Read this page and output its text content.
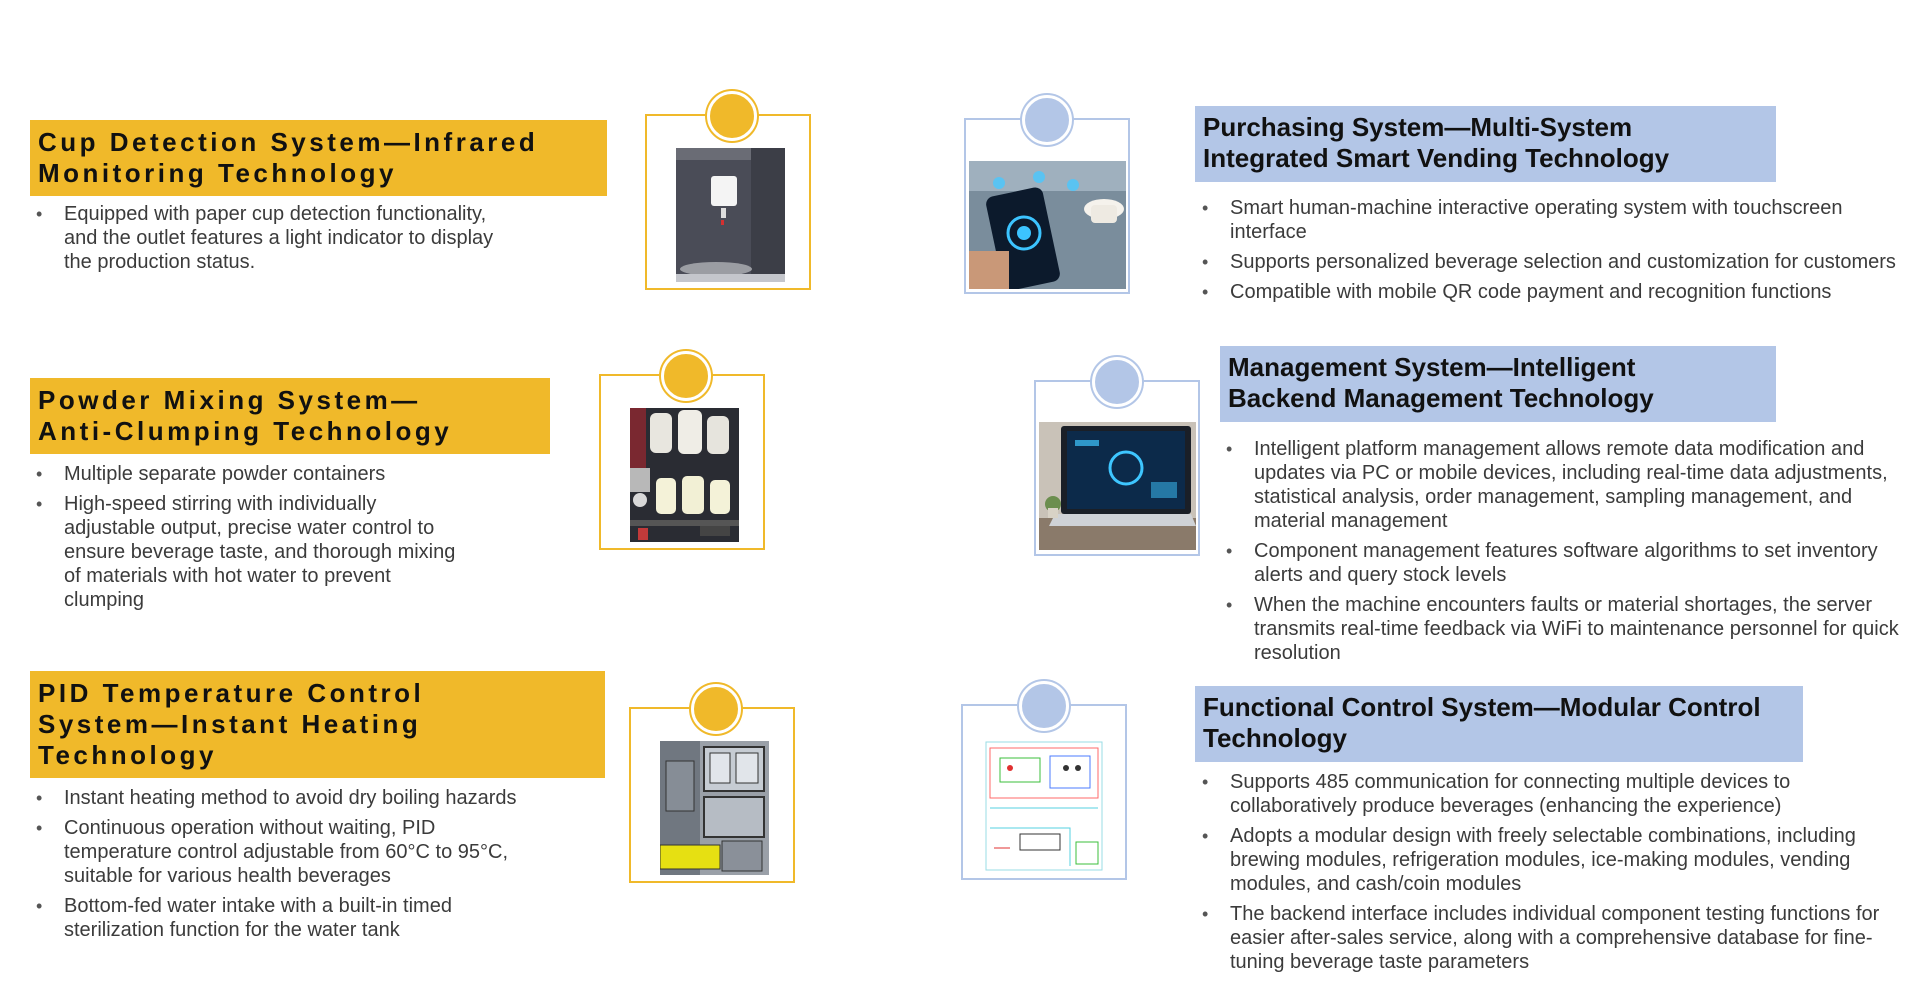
Cup Detection System—Infrared
Monitoring Technology
• Equipped with paper cup detection functionality, and the outlet features a light indicator to display the production status.
Powder Mixing System—
Anti-Clumping Technology
• Multiple separate powder containers
• High-speed stirring with individually adjustable output, precise water control to ensure beverage taste, and thorough mixing of materials with hot water to prevent clumping
PID Temperature Control
System—Instant Heating
Technology
• Instant heating method to avoid dry boiling hazards
• Continuous operation without waiting, PID temperature control adjustable from 60°C to 95°C, suitable for various health beverages
• Bottom-fed water intake with a built-in timed sterilization function for the water tank
Purchasing System—Multi-System
Integrated Smart Vending Technology
• Smart human-machine interactive operating system with touchscreen interface
• Supports personalized beverage selection and customization for customers
• Compatible with mobile QR code payment and recognition functions
Management System—Intelligent
Backend Management Technology
• Intelligent platform management allows remote data modification and updates via PC or mobile devices, including real-time data adjustments, statistical analysis, order management, sampling management, and material management
• Component management features software algorithms to set inventory alerts and query stock levels
• When the machine encounters faults or material shortages, the server transmits real-time feedback via WiFi to maintenance personnel for quick resolution
Functional Control System—Modular Control
Technology
• Supports 485 communication for connecting multiple devices to collaboratively produce beverages (enhancing the experience)
• Adopts a modular design with freely selectable combinations, including brewing modules, refrigeration modules, ice-making modules, vending modules, and cash/coin modules
• The backend interface includes individual component testing functions for easier after-sales service, along with a comprehensive database for fine-tuning beverage taste parameters
